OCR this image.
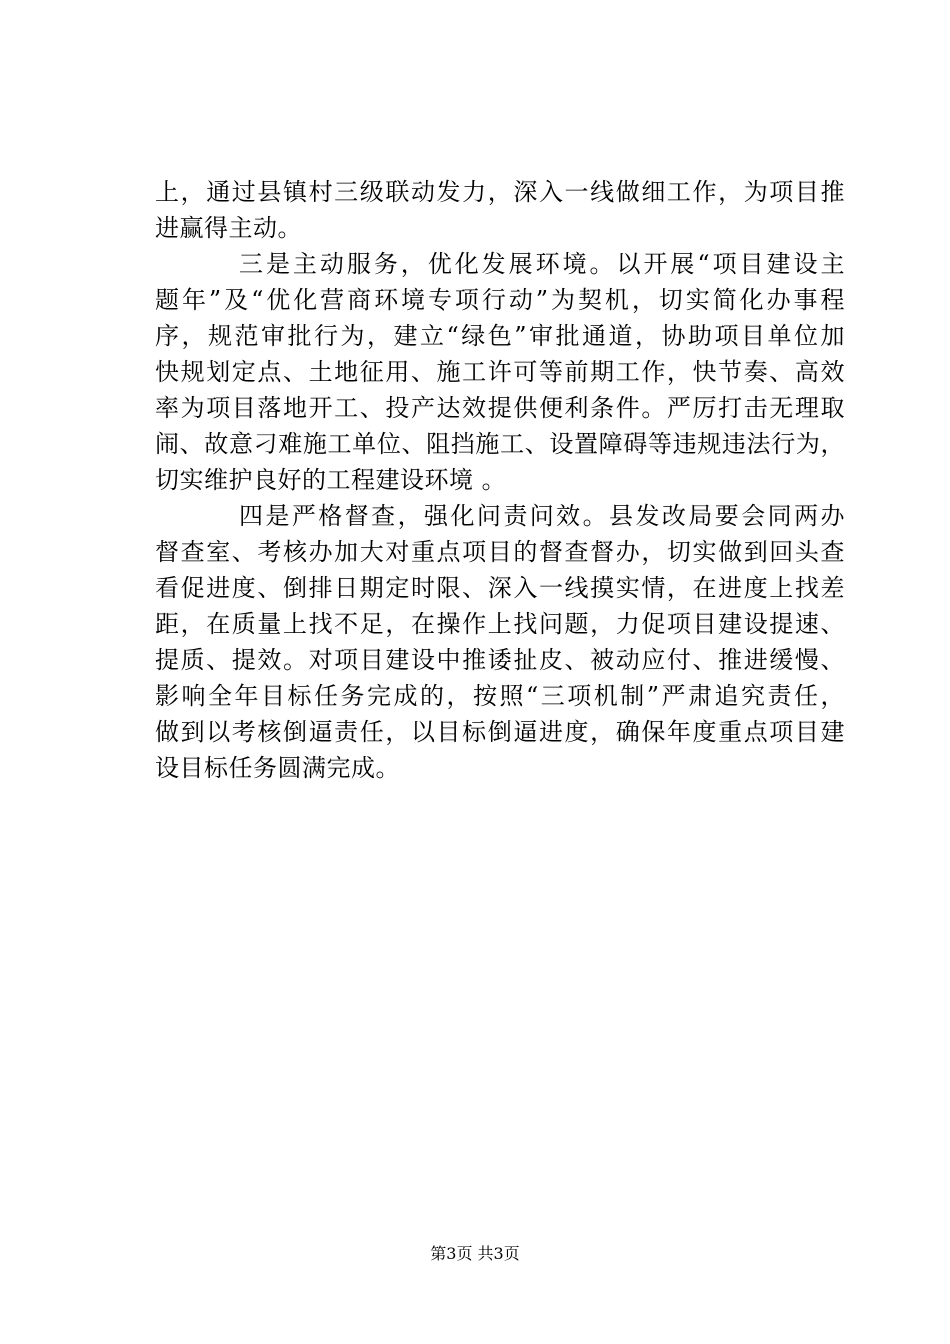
上，通过县镇村三级联动发力，深入一线做细工作，为项目推
进赢得主动。
三是主动服务，优化发展环境。以开展“项目建设主
题年”及“优化营商环境专项行动”为契机，切实简化办事程
序，规范审批行为，建立“绿色”审批通道，协助项目单位加
快规划定点、土地征用、施工许可等前期工作，快节奏、高效
率为项目落地开工、投产达效提供便利条件。严厉打击无理取
闹、故意刁难施工单位、阻挡施工、设置障碍等违规违法行为，
切实维护良好的工程建设环境 。
四是严格督查，强化问责问效。县发改局要会同两办
督查室、考核办加大对重点项目的督查督办，切实做到回头查
看促进度、倒排日期定时限、深入一线摸实情，在进度上找差
距，在质量上找不足，在操作上找问题，力促项目建设提速、
提质、提效。对项目建设中推诿扯皮、被动应付、推进缓慢、
影响全年目标任务完成的，按照“三项机制”严肃追究责任，
做到以考核倒逼责任，以目标倒逼进度，确保年度重点项目建
设目标任务圆满完成。
第3页 共3页
